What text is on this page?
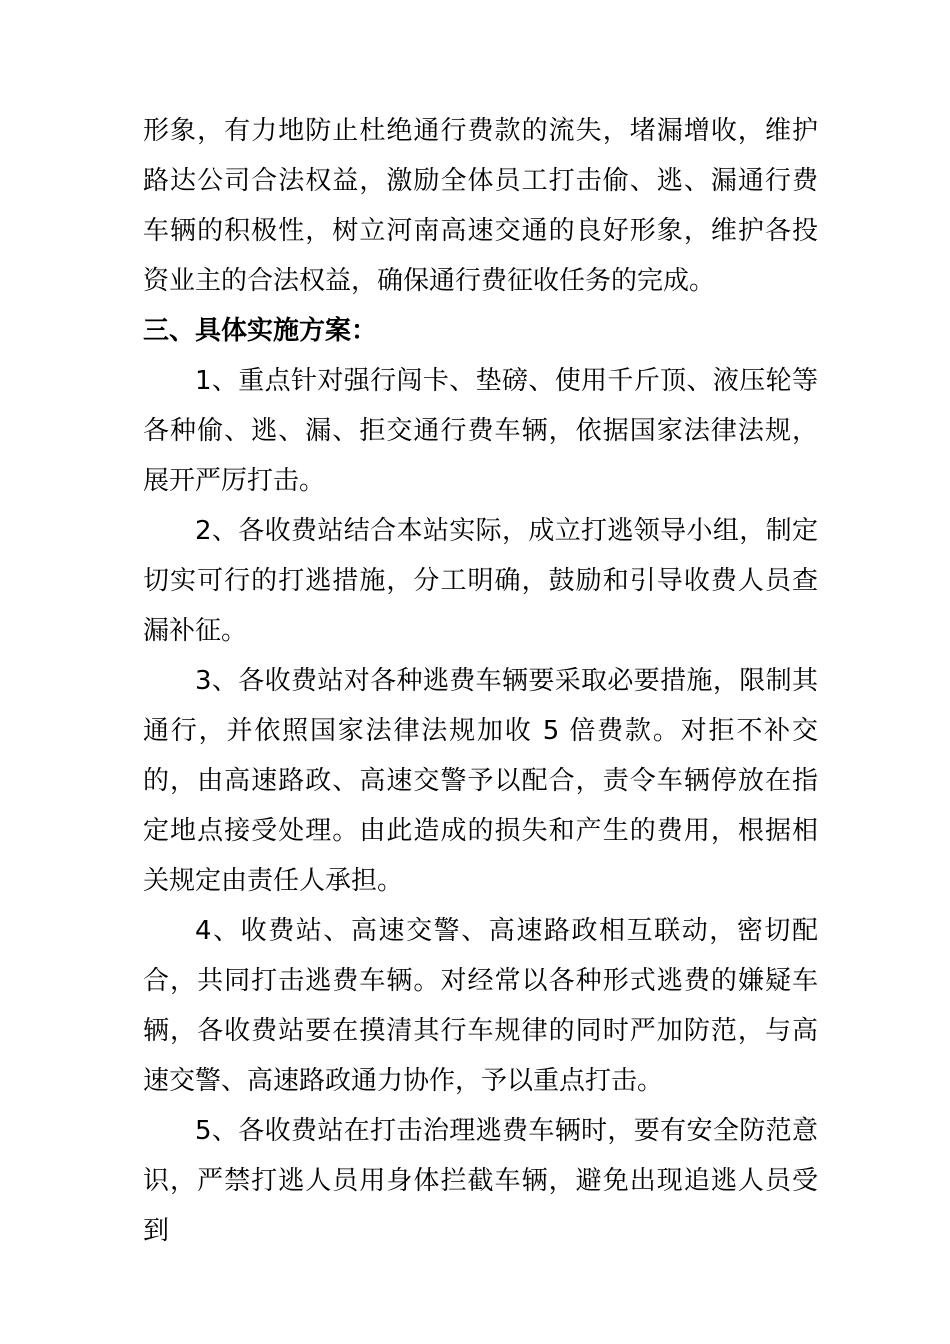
形象，有力地防止杜绝通行费款的流失，堵漏增收，维护路达公司合法权益，激励全体员工打击偷、逃、漏通行费车辆的积极性，树立河南高速交通的良好形象，维护各投资业主的合法权益，确保通行费征收任务的完成。

三、具体实施方案：

1、重点针对强行闯卡、垫磅、使用千斤顶、液压轮等各种偷、逃、漏、拒交通行费车辆，依据国家法律法规，展开严厉打击。

2、各收费站结合本站实际，成立打逃领导小组，制定切实可行的打逃措施，分工明确，鼓励和引导收费人员查漏补征。

3、各收费站对各种逃费车辆要采取必要措施，限制其通行，并依照国家法律法规加收 5 倍费款。对拒不补交的，由高速路政、高速交警予以配合，责令车辆停放在指定地点接受处理。由此造成的损失和产生的费用，根据相关规定由责任人承担。

4、收费站、高速交警、高速路政相互联动，密切配合，共同打击逃费车辆。对经常以各种形式逃费的嫌疑车辆，各收费站要在摸清其行车规律的同时严加防范，与高速交警、高速路政通力协作，予以重点打击。

5、各收费站在打击治理逃费车辆时，要有安全防范意识，严禁打逃人员用身体拦截车辆，避免出现追逃人员受到
